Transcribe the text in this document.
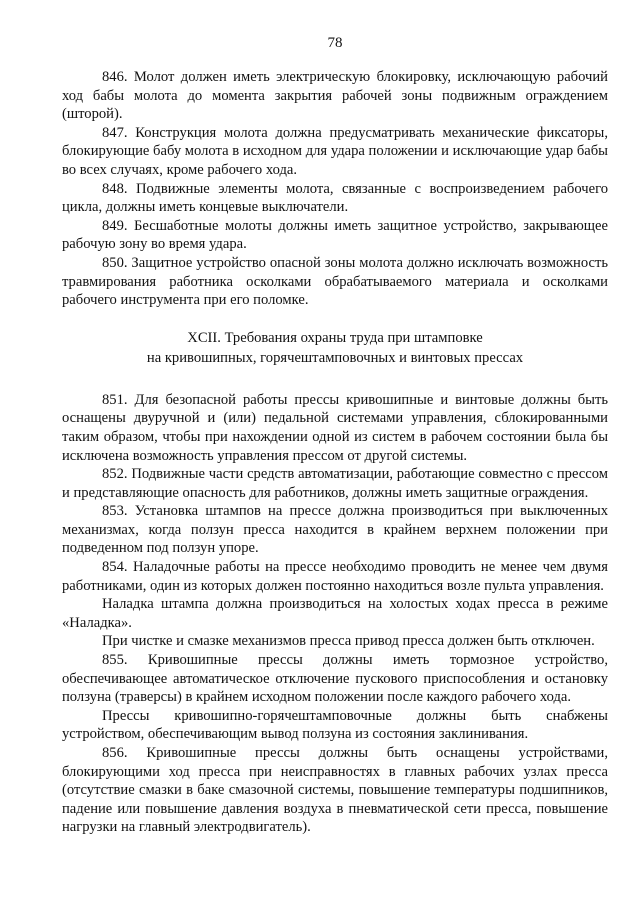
78

846. Молот должен иметь электрическую блокировку, исключающую рабочий ход бабы молота до момента закрытия рабочей зоны подвижным ограждением (шторой).

847. Конструкция молота должна предусматривать механические фиксаторы, блокирующие бабу молота в исходном для удара положении и исключающие удар бабы во всех случаях, кроме рабочего хода.

848. Подвижные элементы молота, связанные с воспроизведением рабочего цикла, должны иметь концевые выключатели.

849. Бесшаботные молоты должны иметь защитное устройство, закрывающее рабочую зону во время удара.

850. Защитное устройство опасной зоны молота должно исключать возможность травмирования работника осколками обрабатываемого материала и осколками рабочего инструмента при его поломке.

XCII. Требования охраны труда при штамповке

на кривошипных, горячештамповочных и винтовых прессах

851. Для безопасной работы прессы кривошипные и винтовые должны быть оснащены двуручной и (или) педальной системами управления, сблокированными таким образом, чтобы при нахождении одной из систем в рабочем состоянии была бы исключена возможность управления прессом от другой системы.

852. Подвижные части средств автоматизации, работающие совместно с прессом и представляющие опасность для работников, должны иметь защитные ограждения.

853. Установка штампов на прессе должна производиться при выключенных механизмах, когда ползун пресса находится в крайнем верхнем положении при подведенном под ползун упоре.

854. Наладочные работы на прессе необходимо проводить не менее чем двумя работниками, один из которых должен постоянно находиться возле пульта управления.

Наладка штампа должна производиться на холостых ходах пресса в режиме «Наладка».

При чистке и смазке механизмов пресса привод пресса должен быть отключен.

855. Кривошипные прессы должны иметь тормозное устройство, обеспечивающее автоматическое отключение пускового приспособления и остановку ползуна (траверсы) в крайнем исходном положении после каждого рабочего хода.

Прессы кривошипно-горячештамповочные должны быть снабжены устройством, обеспечивающим вывод ползуна из состояния заклинивания.

856. Кривошипные прессы должны быть оснащены устройствами, блокирующими ход пресса при неисправностях в главных рабочих узлах пресса (отсутствие смазки в баке смазочной системы, повышение температуры подшипников, падение или повышение давления воздуха в пневматической сети пресса, повышение нагрузки на главный электродвигатель).
